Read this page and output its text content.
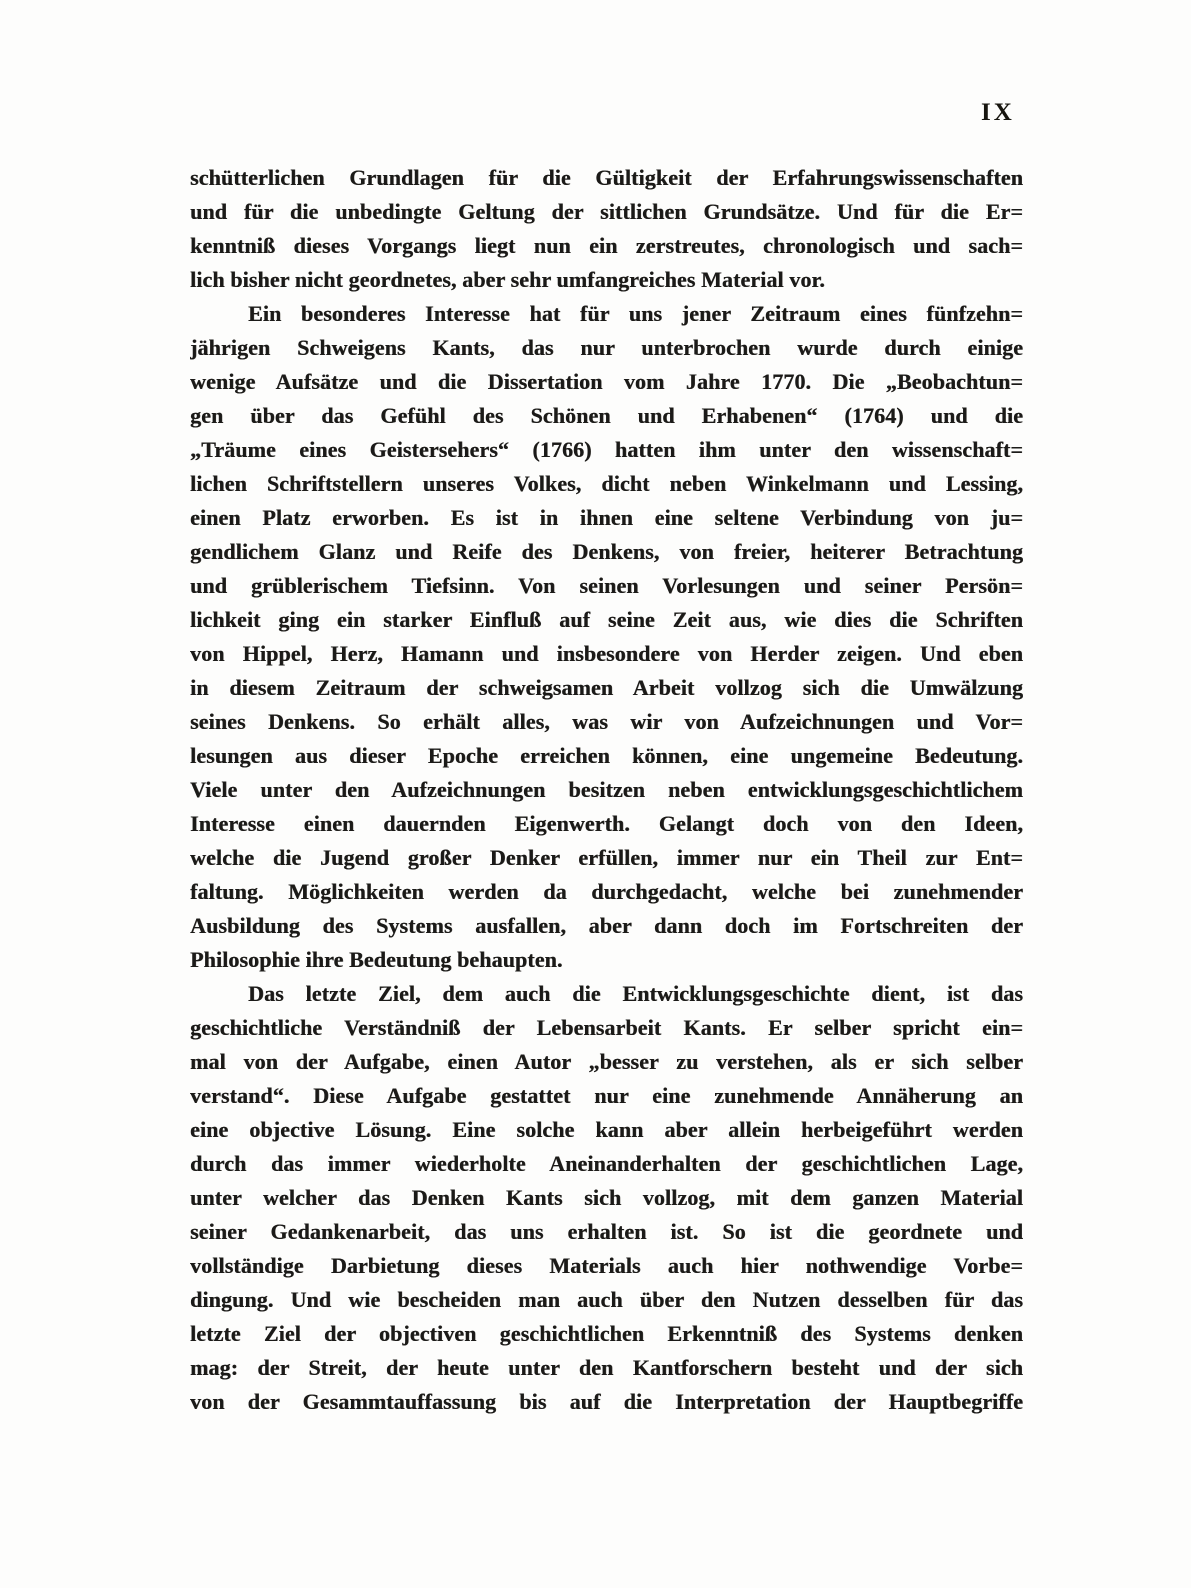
IX
schütterlichen Grundlagen für die Gültigkeit der Erfahrungswissenschaften
und für die unbedingte Geltung der sittlichen Grundsätze. Und für die Er=
kenntniß dieses Vorgangs liegt nun ein zerstreutes, chronologisch und sach=
lich bisher nicht geordnetes, aber sehr umfangreiches Material vor.
Ein besonderes Interesse hat für uns jener Zeitraum eines fünfzehn=
jährigen Schweigens Kants, das nur unterbrochen wurde durch einige
wenige Aufsätze und die Dissertation vom Jahre 1770. Die „Beobachtun=
gen über das Gefühl des Schönen und Erhabenen“ (1764) und die
„Träume eines Geistersehers“ (1766) hatten ihm unter den wissenschaft=
lichen Schriftstellern unseres Volkes, dicht neben Winkelmann und Lessing,
einen Platz erworben. Es ist in ihnen eine seltene Verbindung von ju=
gendlichem Glanz und Reife des Denkens, von freier, heiterer Betrachtung
und grüblerischem Tiefsinn. Von seinen Vorlesungen und seiner Persön=
lichkeit ging ein starker Einfluß auf seine Zeit aus, wie dies die Schriften
von Hippel, Herz, Hamann und insbesondere von Herder zeigen. Und eben
in diesem Zeitraum der schweigsamen Arbeit vollzog sich die Umwälzung
seines Denkens. So erhält alles, was wir von Aufzeichnungen und Vor=
lesungen aus dieser Epoche erreichen können, eine ungemeine Bedeutung.
Viele unter den Aufzeichnungen besitzen neben entwicklungsgeschichtlichem
Interesse einen dauernden Eigenwerth. Gelangt doch von den Ideen,
welche die Jugend großer Denker erfüllen, immer nur ein Theil zur Ent=
faltung. Möglichkeiten werden da durchgedacht, welche bei zunehmender
Ausbildung des Systems ausfallen, aber dann doch im Fortschreiten der
Philosophie ihre Bedeutung behaupten.
Das letzte Ziel, dem auch die Entwicklungsgeschichte dient, ist das
geschichtliche Verständniß der Lebensarbeit Kants. Er selber spricht ein=
mal von der Aufgabe, einen Autor „besser zu verstehen, als er sich selber
verstand“. Diese Aufgabe gestattet nur eine zunehmende Annäherung an
eine objective Lösung. Eine solche kann aber allein herbeigeführt werden
durch das immer wiederholte Aneinanderhalten der geschichtlichen Lage,
unter welcher das Denken Kants sich vollzog, mit dem ganzen Material
seiner Gedankenarbeit, das uns erhalten ist. So ist die geordnete und
vollständige Darbietung dieses Materials auch hier nothwendige Vorbe=
dingung. Und wie bescheiden man auch über den Nutzen desselben für das
letzte Ziel der objectiven geschichtlichen Erkenntniß des Systems denken
mag: der Streit, der heute unter den Kantforschern besteht und der sich
von der Gesammtauffassung bis auf die Interpretation der Hauptbegriffe
